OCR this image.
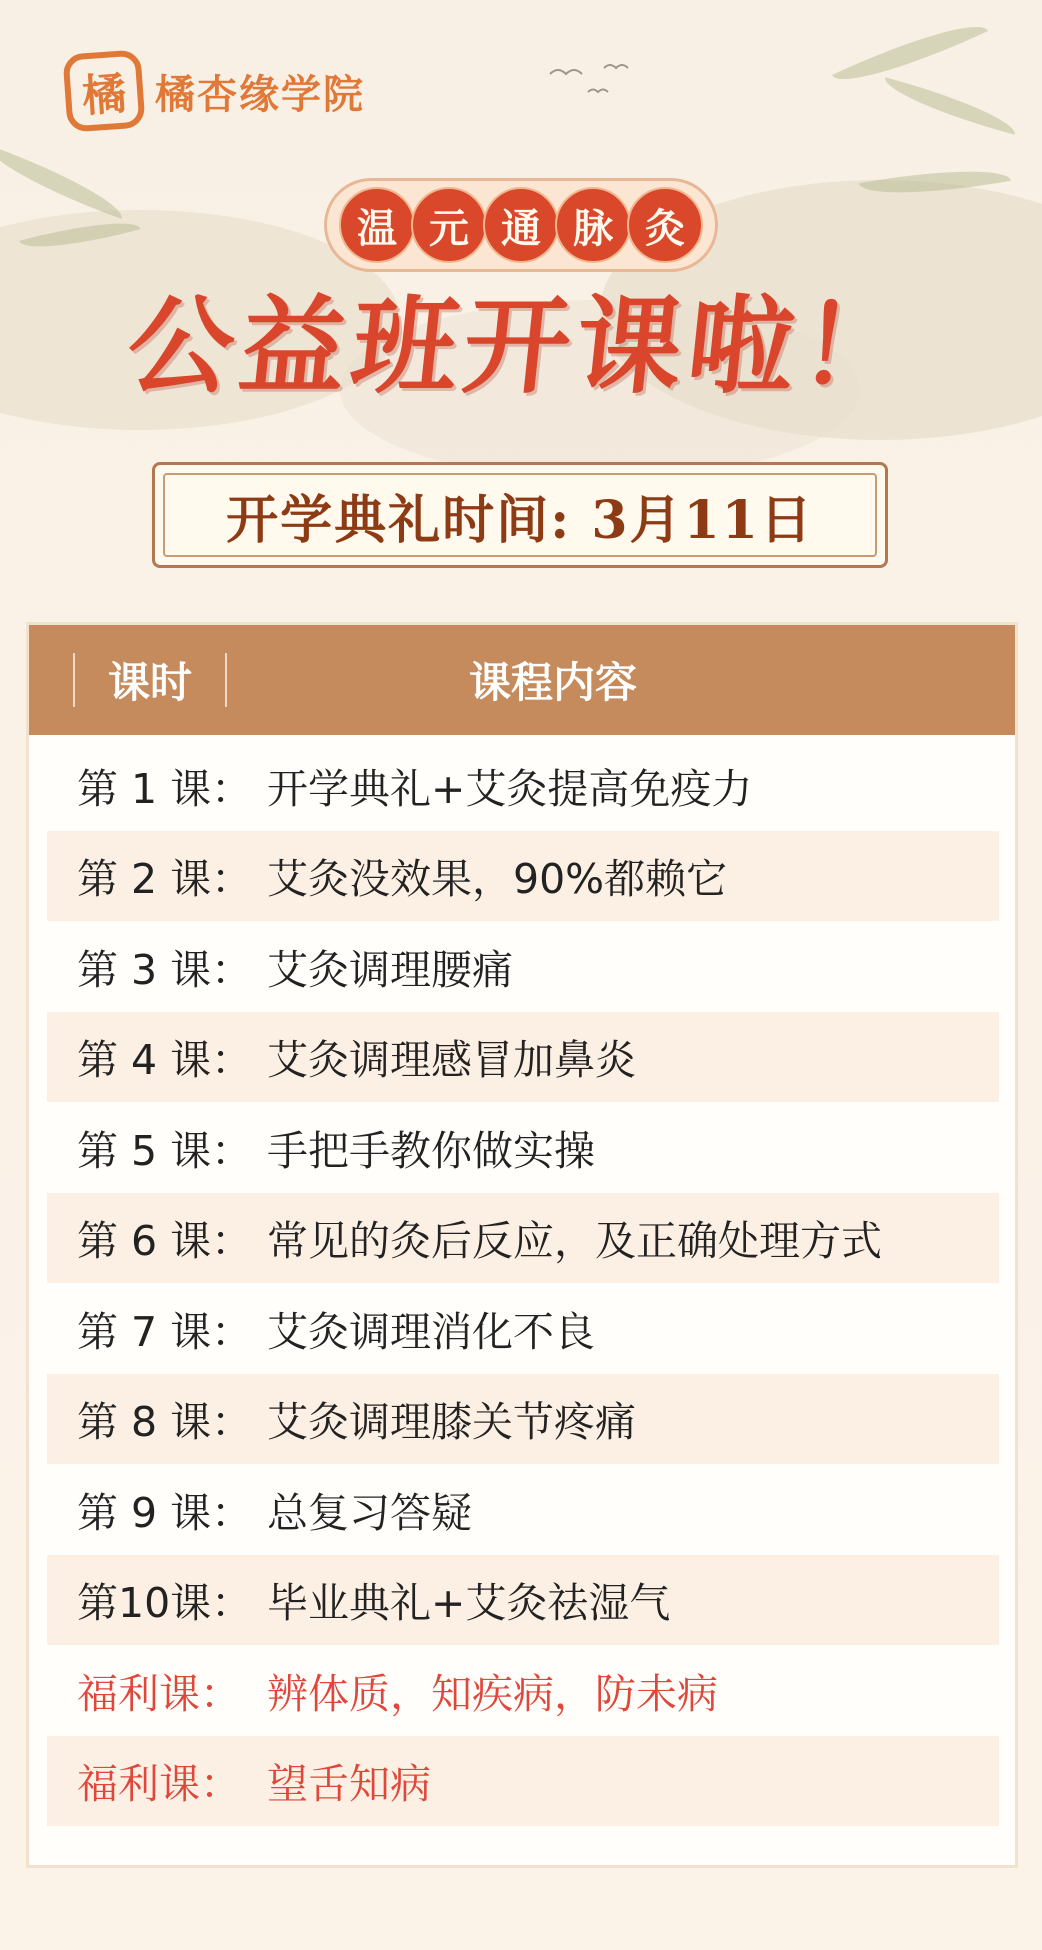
橘 橘杏缘学院
温 元 通 脉 灸
公益班开课啦！
开学典礼时间: 3月11日
课时	课程内容
第 1 课： 开学典礼+艾灸提高免疫力
第 2 课： 艾灸没效果，90%都赖它
第 3 课： 艾灸调理腰痛
第 4 课： 艾灸调理感冒加鼻炎
第 5 课： 手把手教你做实操
第 6 课： 常见的灸后反应，及正确处理方式
第 7 课： 艾灸调理消化不良
第 8 课： 艾灸调理膝关节疼痛
第 9 课： 总复习答疑
第10课： 毕业典礼+艾灸祛湿气
福利课： 辨体质，知疾病，防未病
福利课： 望舌知病
